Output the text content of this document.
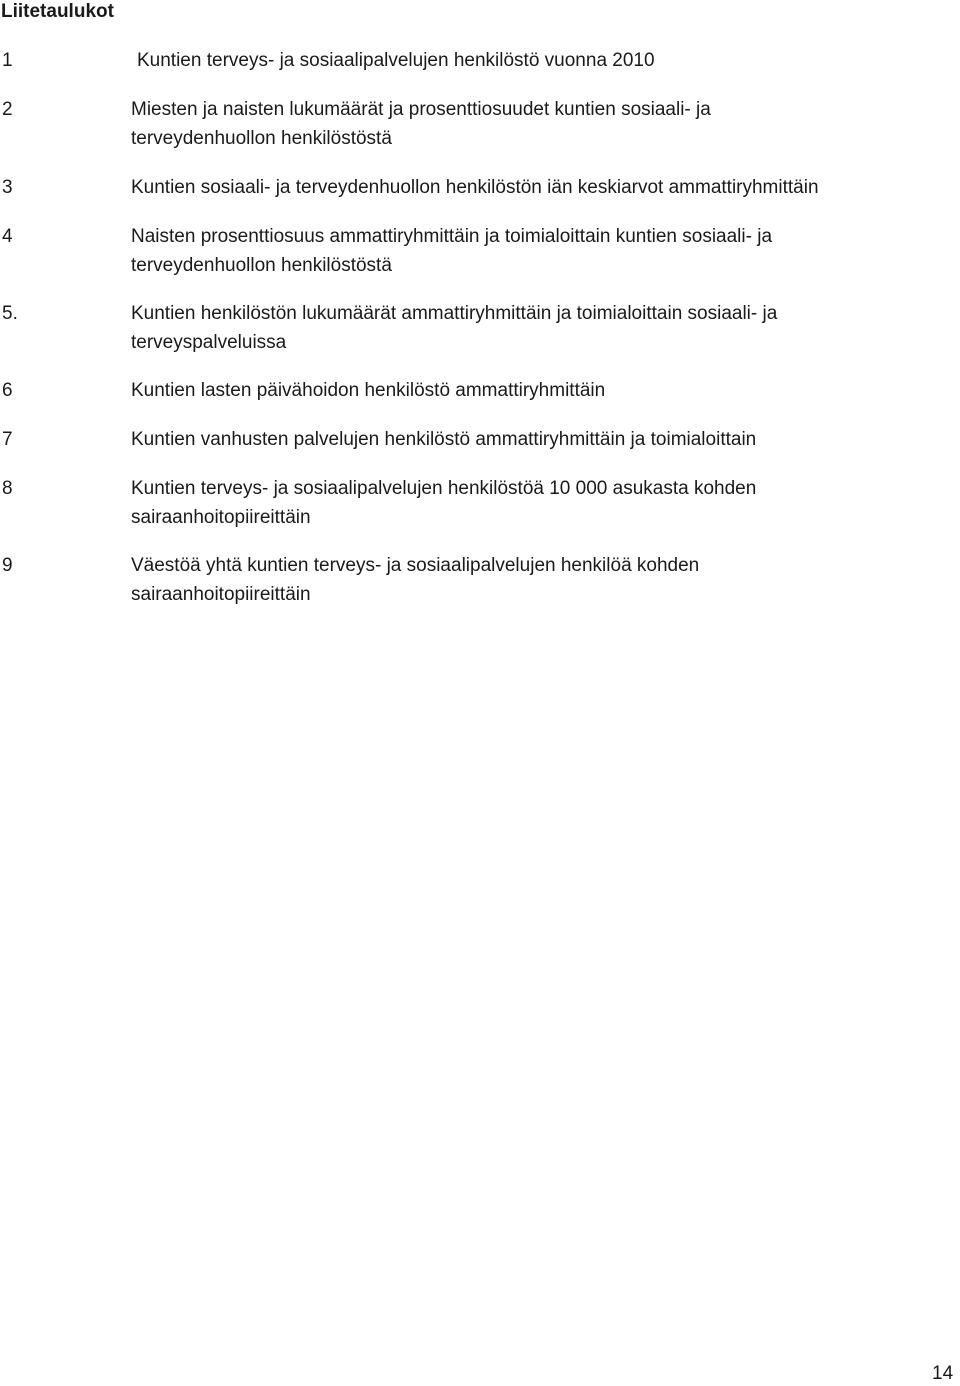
Liitetaulukot
1	Kuntien terveys- ja sosiaalipalvelujen henkilöstö vuonna 2010
2	Miesten ja naisten lukumäärät ja prosenttiosuudet kuntien sosiaali- ja
terveydenhuollon henkilöstöstä
3	Kuntien sosiaali- ja terveydenhuollon henkilöstön iän keskiarvot ammattiryhmittäin
4	Naisten prosenttiosuus ammattiryhmittäin ja toimialoittain kuntien sosiaali- ja
terveydenhuollon henkilöstöstä
5.	Kuntien henkilöstön lukumäärät ammattiryhmittäin ja toimialoittain sosiaali- ja
terveyspalveluissa
6	Kuntien lasten päivähoidon henkilöstö ammattiryhmittäin
7	Kuntien vanhusten palvelujen henkilöstö ammattiryhmittäin ja toimialoittain
8	Kuntien terveys- ja sosiaalipalvelujen henkilöstöä 10 000 asukasta kohden
sairaanhoitopiireittäin
9	Väestöä yhtä kuntien terveys- ja sosiaalipalvelujen henkilöä kohden
sairaanhoitopiireittäin
14
